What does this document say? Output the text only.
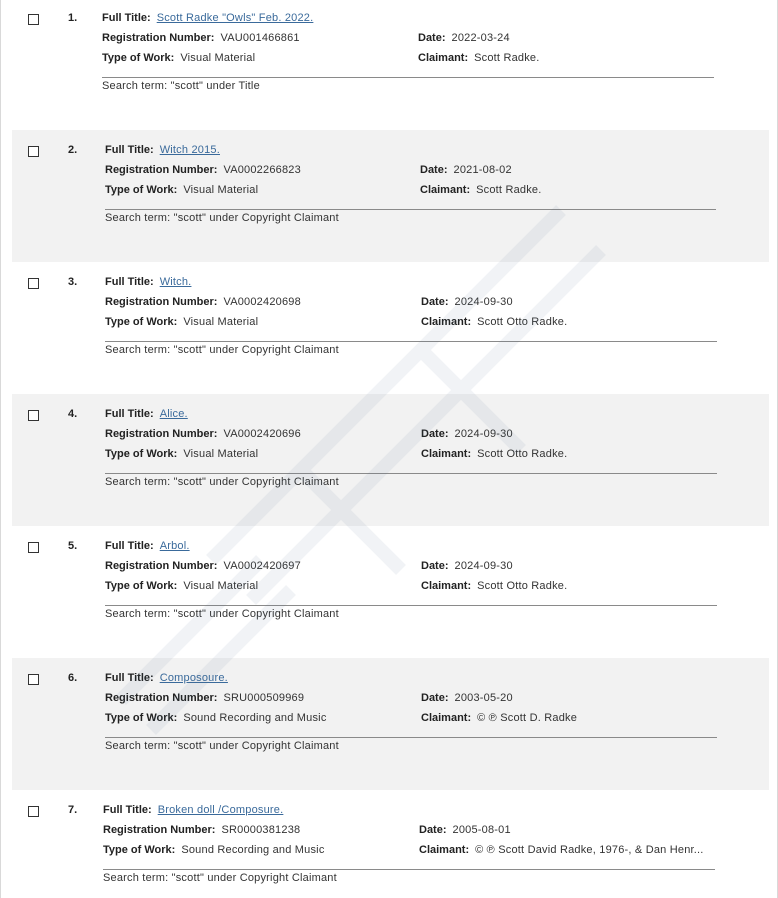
1. Full Title: Scott Radke "Owls" Feb. 2022.
Registration Number: VAU001466861
Type of Work: Visual Material
Date: 2022-03-24
Claimant: Scott Radke.
Search term: "scott" under Title
2.	Full Title: Witch 2015.
Registration Number: VA0002266823
Type of Work: Visual Material
Date: 2021-08-02
Claimant: Scott Radke.
Search term: "scott" under Copyright Claimant
3.	Full Title: Witch.
Registration Number: VA0002420698
Type of Work: Visual Material
Date: 2024-09-30
Claimant: Scott Otto Radke.
Search term: "scott" under Copyright Claimant
4.	Full Title: Alice.
Registration Number: VA0002420696
Type of Work: Visual Material
Date: 2024-09-30
Claimant: Scott Otto Radke.
Search term: "scott" under Copyright Claimant
5.	Full Title: Arbol.
Registration Number: VA0002420697
Type of Work: Visual Material
Date: 2024-09-30
Claimant: Scott Otto Radke.
Search term: "scott" under Copyright Claimant
6.	Full Title: Composoure.
Registration Number: SRU000509969
Type of Work: Sound Recording and Music
Date: 2003-05-20
Claimant: © ℗ Scott D. Radke
Search term: "scott" under Copyright Claimant
7. Full Title: Broken doll /Composure.
Registration Number: SR0000381238
Type of Work: Sound Recording and Music
Date: 2005-08-01
Claimant: © ℗ Scott David Radke, 1976-, & Dan Henr...
Search term: "scott" under Copyright Claimant
